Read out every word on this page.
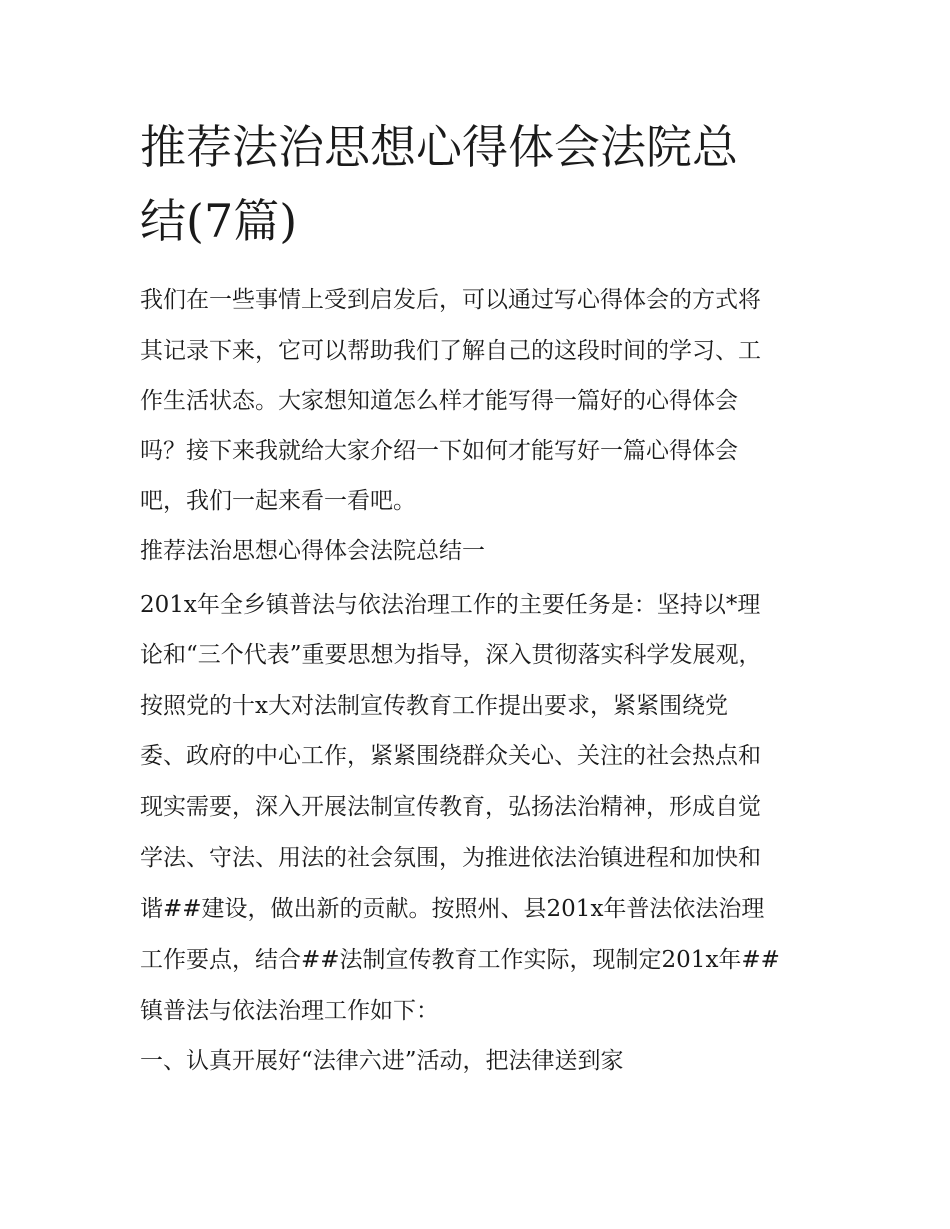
推荐法治思想心得体会法院总
结(7篇)
我们在一些事情上受到启发后，可以通过写心得体会的方式将
其记录下来，它可以帮助我们了解自己的这段时间的学习、工
作生活状态。大家想知道怎么样才能写得一篇好的心得体会
吗？接下来我就给大家介绍一下如何才能写好一篇心得体会
吧，我们一起来看一看吧。
推荐法治思想心得体会法院总结一
201x年全乡镇普法与依法治理工作的主要任务是：坚持以*理
论和“三个代表”重要思想为指导，深入贯彻落实科学发展观，
按照党的十x大对法制宣传教育工作提出要求，紧紧围绕党
委、政府的中心工作，紧紧围绕群众关心、关注的社会热点和
现实需要，深入开展法制宣传教育，弘扬法治精神，形成自觉
学法、守法、用法的社会氛围，为推进依法治镇进程和加快和
谐##建设，做出新的贡献。按照州、县201x年普法依法治理
工作要点，结合##法制宣传教育工作实际，现制定201x年##
镇普法与依法治理工作如下：
一、认真开展好“法律六进”活动，把法律送到家
